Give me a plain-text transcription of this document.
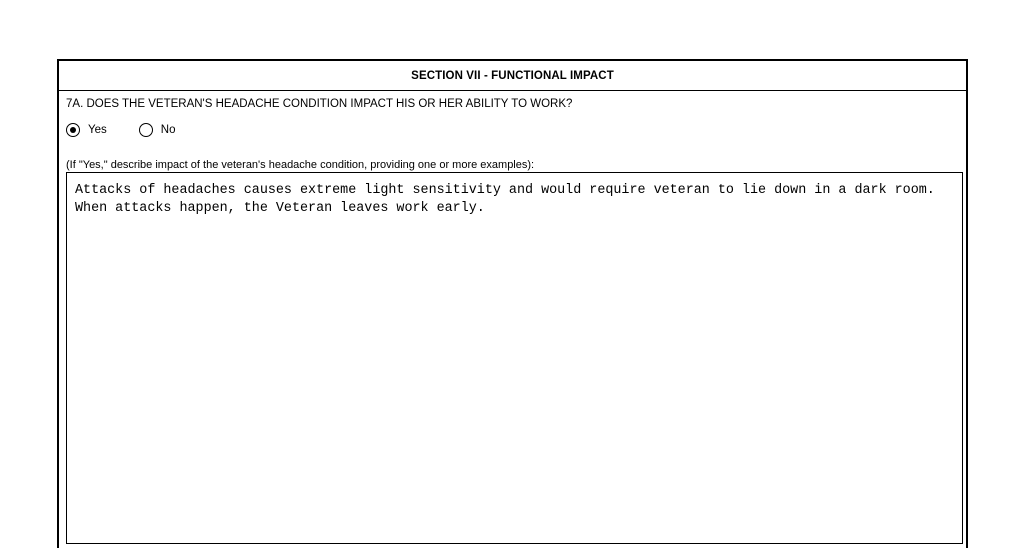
SECTION VII - FUNCTIONAL IMPACT
7A. DOES THE VETERAN'S HEADACHE CONDITION IMPACT HIS OR HER ABILITY TO WORK?
Yes	No
(If "Yes," describe impact of the veteran's headache condition, providing one or more examples):
Attacks of headaches causes extreme light sensitivity and would require veteran to lie down in a dark room. When attacks happen, the Veteran leaves work early.
